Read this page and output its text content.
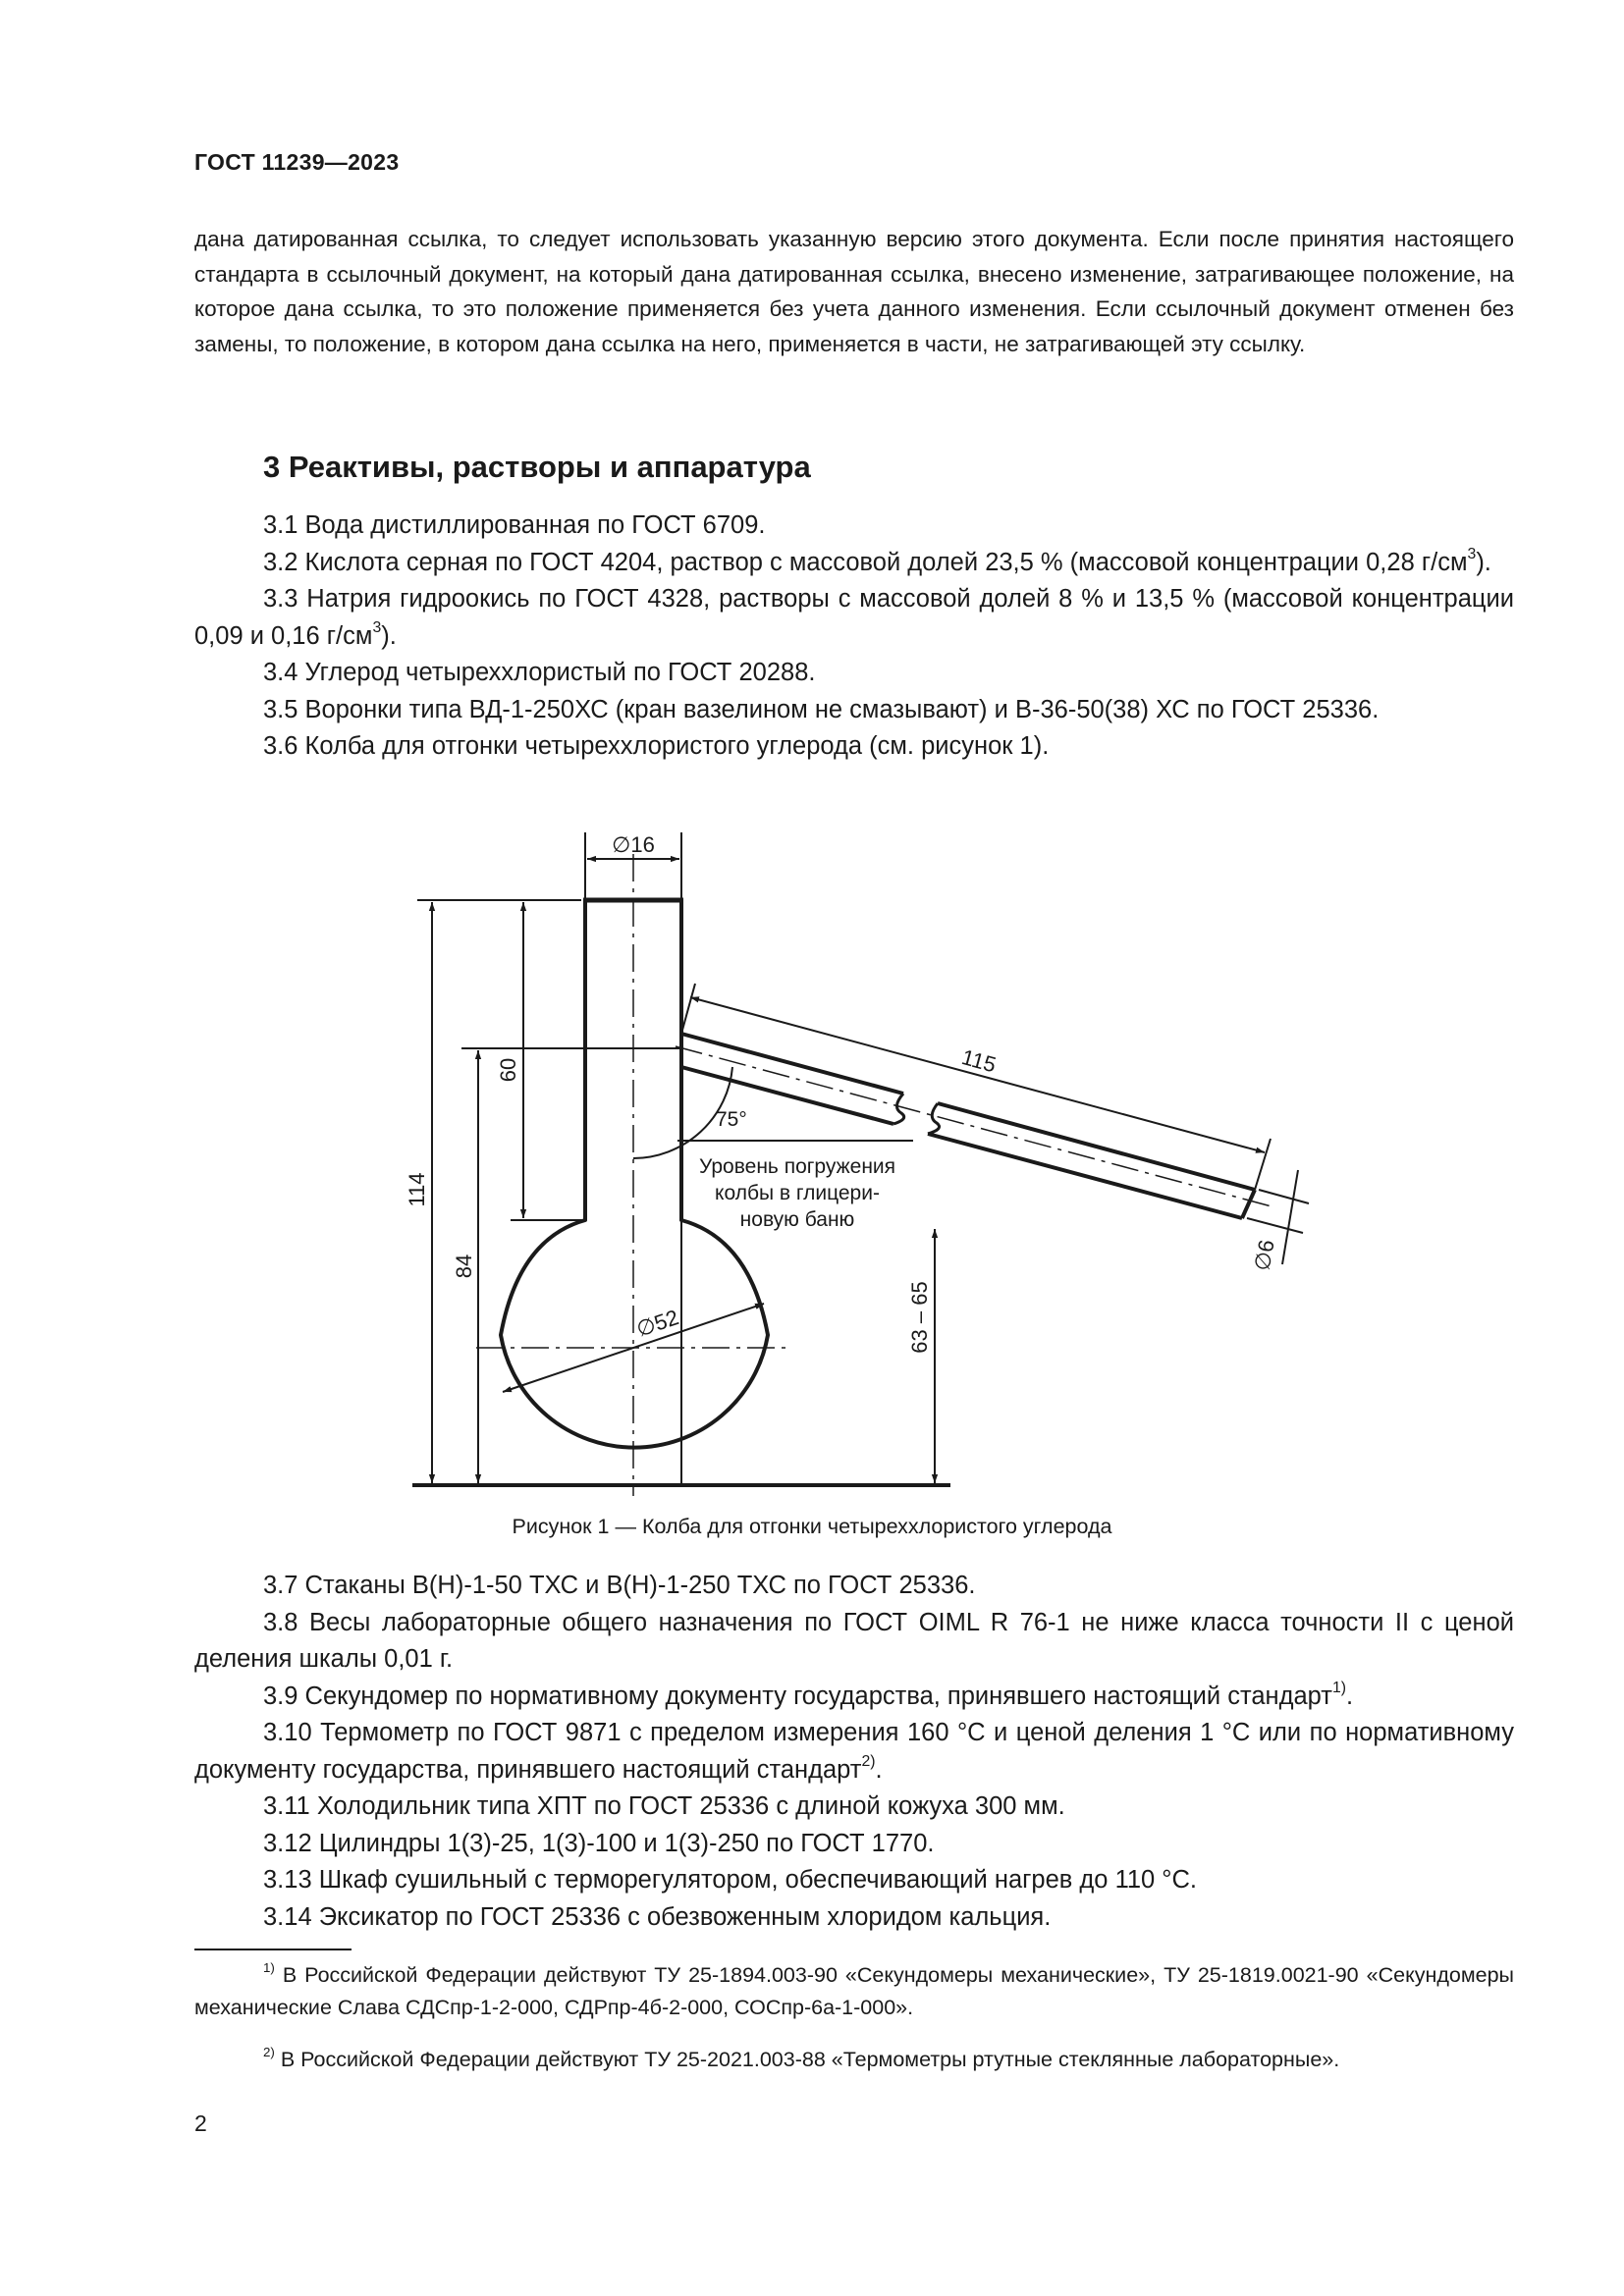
ГОСТ 11239—2023
дана датированная ссылка, то следует использовать указанную версию этого документа. Если после принятия настоящего стандарта в ссылочный документ, на который дана датированная ссылка, внесено изменение, затрагивающее положение, на которое дана ссылка, то это положение применяется без учета данного изменения. Если ссылочный документ отменен без замены, то положение, в котором дана ссылка на него, применяется в части, не затрагивающей эту ссылку.
3 Реактивы, растворы и аппаратура

3.1 Вода дистиллированная по ГОСТ 6709.

3.2 Кислота серная по ГОСТ 4204, раствор с массовой долей 23,5 % (массовой концентрации 0,28 $г/см^3$).

3.3 Натрия гидроокись по ГОСТ 4328, растворы с массовой долей 8 % и 13,5 % (массовой концентрации 0,09 и 0,16 $г/см^3$).

3.4 Углерод четыреххлористый по ГОСТ 20288.

3.5 Воронки типа ВД-1-250ХС (кран вазелином не смазывают) и В-36-50(38) ХС по ГОСТ 25336.

3.6 Колба для отгонки четыреххлористого углерода (см. рисунок 1).

∅16
114
84
60
63 – 65
∅52
115
∅6
75°
Уровень погружения
колбы в глицери-
новую баню
Рисунок 1 — Колба для отгонки четыреххлористого углерода

3.7 Стаканы В(Н)-1-50 ТХС и В(Н)-1-250 ТХС по ГОСТ 25336.

3.8 Весы лабораторные общего назначения по ГОСТ OIML R 76-1 не ниже класса точности II с ценой деления шкалы 0,01 г.

3.9 Секундомер по нормативному документу государства, принявшего настоящий стандарт$^{1)}$.

3.10 Термометр по ГОСТ 9871 с пределом измерения 160 °С и ценой деления 1 °С или по нормативному документу государства, принявшего настоящий стандарт$^{2)}$.

3.11 Холодильник типа ХПТ по ГОСТ 25336 с длиной кожуха 300 мм.

3.12 Цилиндры 1(3)-25, 1(3)-100 и 1(3)-250 по ГОСТ 1770.

3.13 Шкаф сушильный с терморегулятором, обеспечивающий нагрев до 110 °С.

3.14 Эксикатор по ГОСТ 25336 с обезвоженным хлоридом кальция.

$^{1)}$ В Российской Федерации действуют ТУ 25-1894.003-90 «Секундомеры механические», ТУ 25-1819.0021-90 «Секундомеры механические Слава СДСпр-1-2-000, СДРпр-4б-2-000, СОСпр-6а-1-000».

$^{2)}$ В Российской Федерации действуют ТУ 25-2021.003-88 «Термометры ртутные стеклянные лабораторные».

2
